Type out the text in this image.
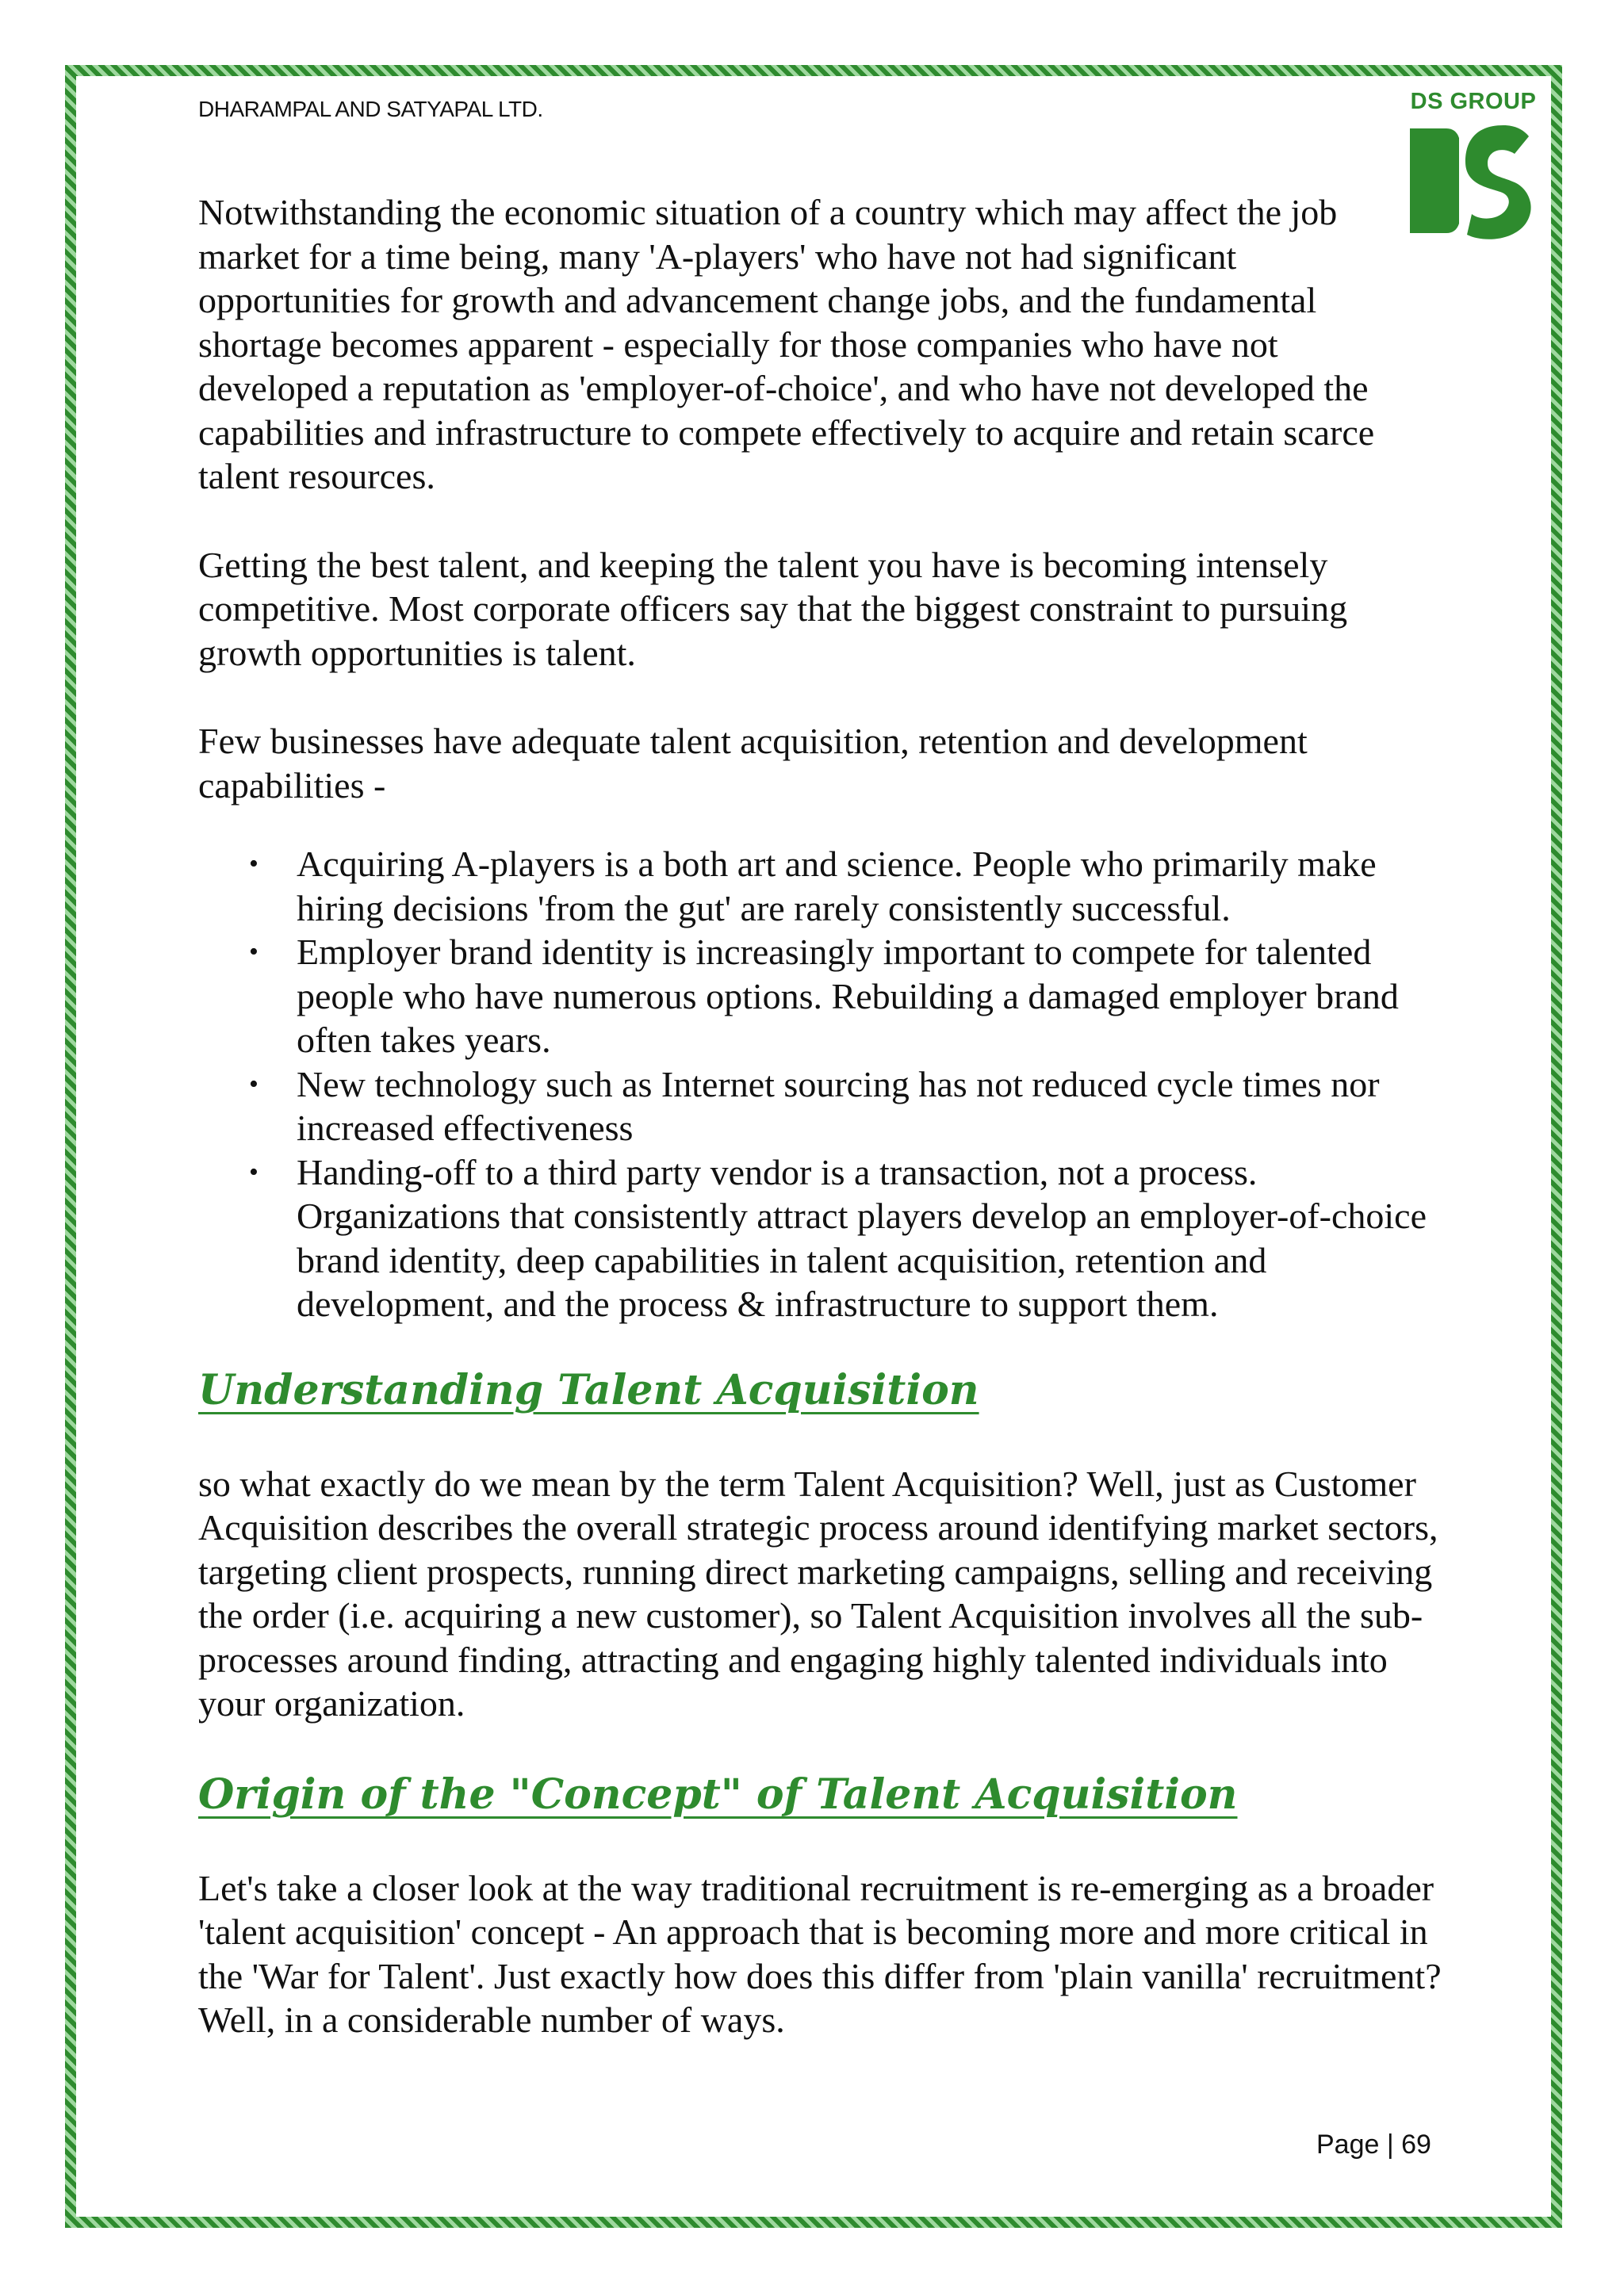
DHARAMPAL AND SATYAPAL LTD.	DS GROUP

Notwithstanding the economic situation of a country which may affect the job market for a time being, many 'A-players' who have not had significant opportunities for growth and advancement change jobs, and the fundamental shortage becomes apparent - especially for those companies who have not developed a reputation as 'employer-of-choice', and who have not developed the capabilities and infrastructure to compete effectively to acquire and retain scarce talent resources.

Getting the best talent, and keeping the talent you have is becoming intensely competitive. Most corporate officers say that the biggest constraint to pursuing growth opportunities is talent.

Few businesses have adequate talent acquisition, retention and development capabilities -

• Acquiring A-players is a both art and science. People who primarily make hiring decisions 'from the gut' are rarely consistently successful.
• Employer brand identity is increasingly important to compete for talented people who have numerous options. Rebuilding a damaged employer brand often takes years.
• New technology such as Internet sourcing has not reduced cycle times nor increased effectiveness
• Handing-off to a third party vendor is a transaction, not a process. Organizations that consistently attract players develop an employer-of-choice brand identity, deep capabilities in talent acquisition, retention and development, and the process & infrastructure to support them.
Understanding Talent Acquisition

so what exactly do we mean by the term Talent Acquisition? Well, just as Customer Acquisition describes the overall strategic process around identifying market sectors, targeting client prospects, running direct marketing campaigns, selling and receiving the order (i.e. acquiring a new customer), so Talent Acquisition involves all the sub-processes around finding, attracting and engaging highly talented individuals into your organization.

Origin of the "Concept" of Talent Acquisition

Let's take a closer look at the way traditional recruitment is re-emerging as a broader 'talent acquisition' concept - An approach that is becoming more and more critical in the 'War for Talent'. Just exactly how does this differ from 'plain vanilla' recruitment? Well, in a considerable number of ways.

Page | 69
